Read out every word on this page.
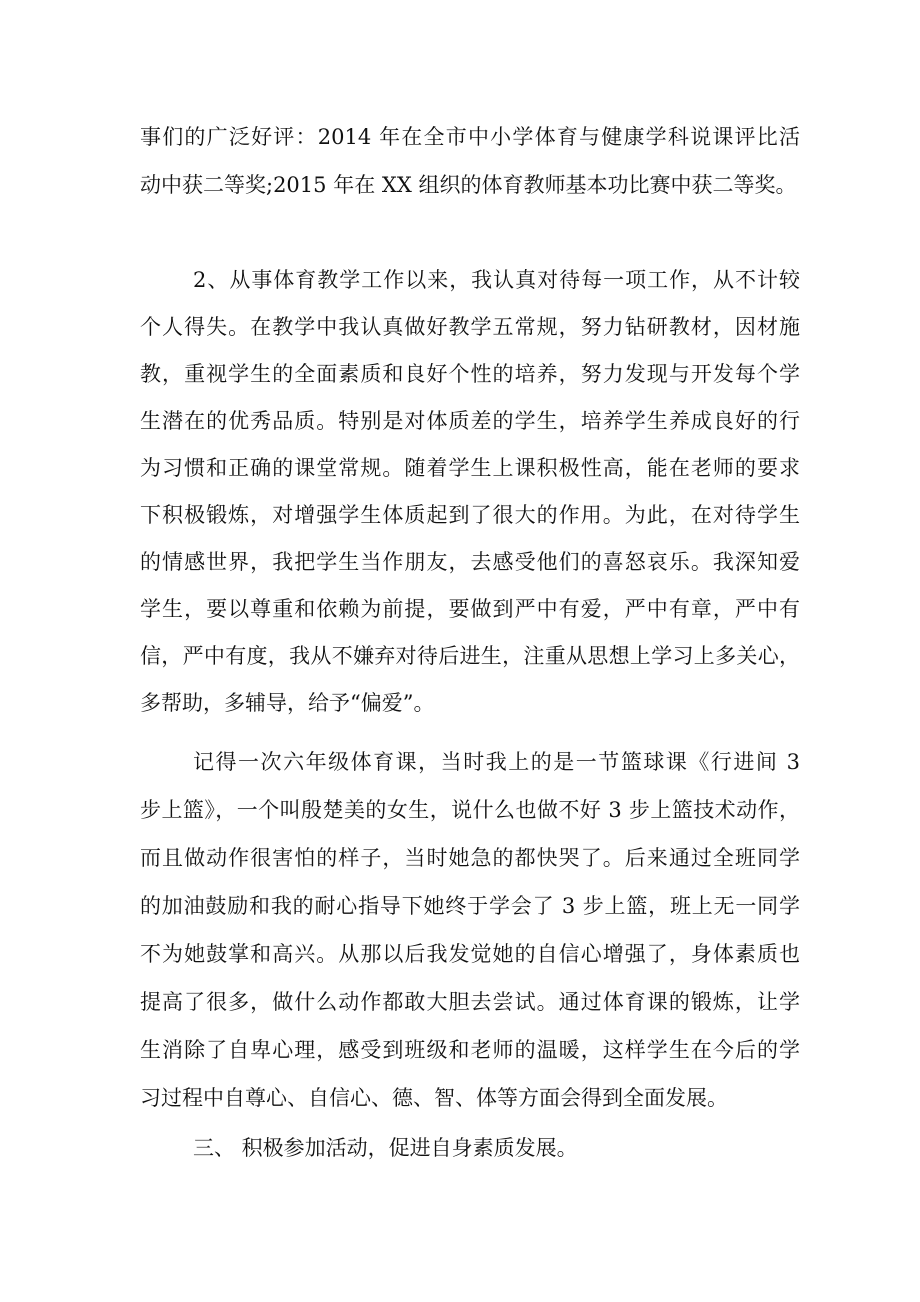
事们的广泛好评：2014 年在全市中小学体育与健康学科说课评比活
动中获二等奖;2015 年在 XX 组织的体育教师基本功比赛中获二等奖。
2、从事体育教学工作以来，我认真对待每一项工作，从不计较
个人得失。在教学中我认真做好教学五常规，努力钻研教材，因材施
教，重视学生的全面素质和良好个性的培养，努力发现与开发每个学
生潜在的优秀品质。特别是对体质差的学生，培养学生养成良好的行
为习惯和正确的课堂常规。随着学生上课积极性高，能在老师的要求
下积极锻炼，对增强学生体质起到了很大的作用。为此，在对待学生
的情感世界，我把学生当作朋友，去感受他们的喜怒哀乐。我深知爱
学生，要以尊重和依赖为前提，要做到严中有爱，严中有章，严中有
信，严中有度，我从不嫌弃对待后进生，注重从思想上学习上多关心，
多帮助，多辅导，给予“偏爱”。
记得一次六年级体育课，当时我上的是一节篮球课《行进间 3
步上篮》，一个叫殷楚美的女生，说什么也做不好 3 步上篮技术动作，
而且做动作很害怕的样子，当时她急的都快哭了。后来通过全班同学
的加油鼓励和我的耐心指导下她终于学会了 3 步上篮，班上无一同学
不为她鼓掌和高兴。从那以后我发觉她的自信心增强了，身体素质也
提高了很多，做什么动作都敢大胆去尝试。通过体育课的锻炼，让学
生消除了自卑心理，感受到班级和老师的温暖，这样学生在今后的学
习过程中自尊心、自信心、德、智、体等方面会得到全面发展。
三、 积极参加活动，促进自身素质发展。
